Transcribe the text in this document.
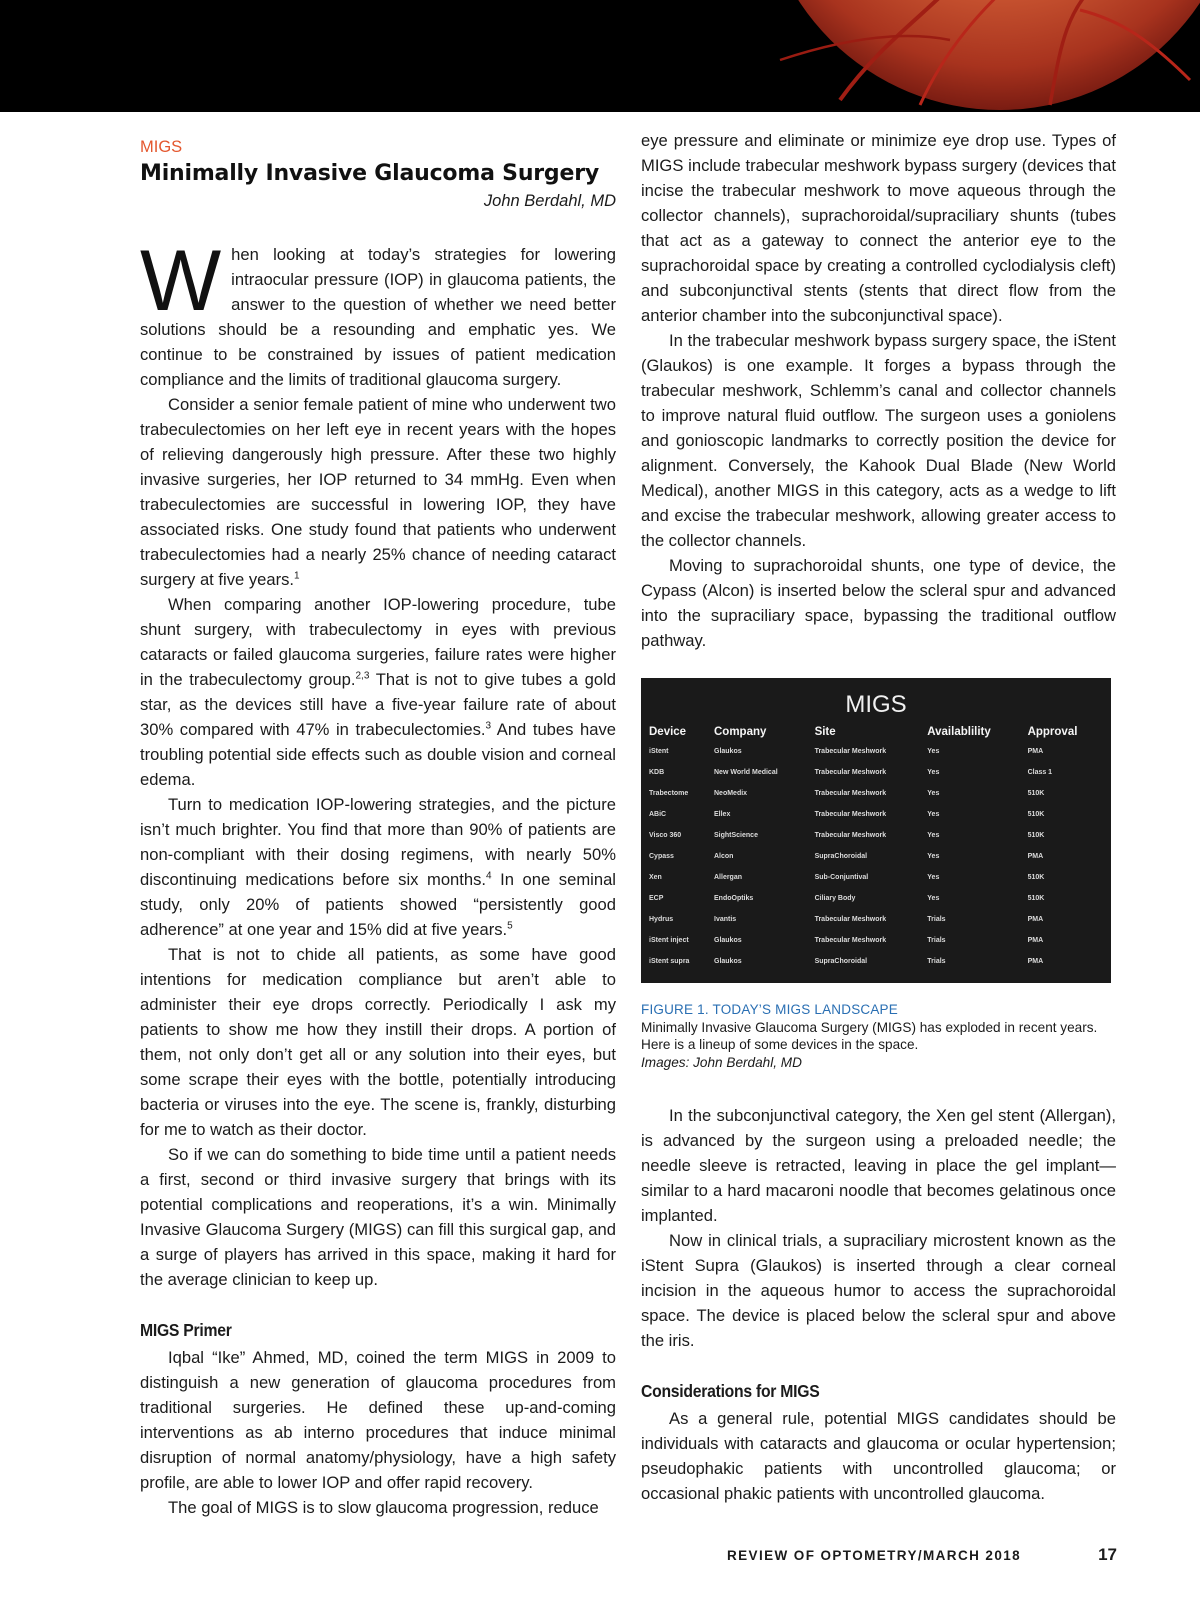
MIGS
Minimally Invasive Glaucoma Surgery
John Berdahl, MD

When looking at today’s strategies for lowering intraocular pressure (IOP) in glaucoma patients, the answer to the question of whether we need better solutions should be a resounding and emphatic yes. We continue to be constrained by issues of patient medication compliance and the limits of traditional glaucoma surgery.

Consider a senior female patient of mine who underwent two trabeculectomies on her left eye in recent years with the hopes of relieving dangerously high pressure. After these two highly invasive surgeries, her IOP returned to 34 mmHg. Even when trabeculectomies are successful in lowering IOP, they have associated risks. One study found that patients who underwent trabeculectomies had a nearly 25% chance of needing cataract surgery at five years.$^1$

When comparing another IOP-lowering procedure, tube shunt surgery, with trabeculectomy in eyes with previous cataracts or failed glaucoma surgeries, failure rates were higher in the trabeculectomy group.$^{2,3}$ That is not to give tubes a gold star, as the devices still have a five-year failure rate of about 30% compared with 47% in trabeculectomies.$^3$ And tubes have troubling potential side effects such as double vision and corneal edema.

Turn to medication IOP-lowering strategies, and the picture isn’t much brighter. You find that more than 90% of patients are non-compliant with their dosing regimens, with nearly 50% discontinuing medications before six months.$^4$ In one seminal study, only 20% of patients showed “persistently good adherence” at one year and 15% did at five years.$^5$

That is not to chide all patients, as some have good intentions for medication compliance but aren’t able to administer their eye drops correctly. Periodically I ask my patients to show me how they instill their drops. A portion of them, not only don’t get all or any solution into their eyes, but some scrape their eyes with the bottle, potentially introducing bacteria or viruses into the eye. The scene is, frankly, disturbing for me to watch as their doctor.

So if we can do something to bide time until a patient needs a first, second or third invasive surgery that brings with its potential complications and reoperations, it’s a win. Minimally Invasive Glaucoma Surgery (MIGS) can fill this surgical gap, and a surge of players has arrived in this space, making it hard for the average clinician to keep up.

MIGS Primer

Iqbal “Ike” Ahmed, MD, coined the term MIGS in 2009 to distinguish a new generation of glaucoma procedures from traditional surgeries. He defined these up-and-coming interventions as ab interno procedures that induce minimal disruption of normal anatomy/physiology, have a high safety profile, are able to lower IOP and offer rapid recovery.

The goal of MIGS is to slow glaucoma progression, reduce

eye pressure and eliminate or minimize eye drop use. Types of MIGS include trabecular meshwork bypass surgery (devices that incise the trabecular meshwork to move aqueous through the collector channels), suprachoroidal/supraciliary shunts (tubes that act as a gateway to connect the anterior eye to the suprachoroidal space by creating a controlled cyclodialysis cleft) and subconjunctival stents (stents that direct flow from the anterior chamber into the subconjunctival space).

In the trabecular meshwork bypass surgery space, the iStent (Glaukos) is one example. It forges a bypass through the trabecular meshwork, Schlemm’s canal and collector channels to improve natural fluid outflow. The surgeon uses a goniolens and gonioscopic landmarks to correctly position the device for alignment. Conversely, the Kahook Dual Blade (New World Medical), another MIGS in this category, acts as a wedge to lift and excise the trabecular meshwork, allowing greater access to the collector channels.

Moving to suprachoroidal shunts, one type of device, the Cypass (Alcon) is inserted below the scleral spur and advanced into the supraciliary space, bypassing the traditional outflow pathway.

MIGS
Device	Company	Site	Availablility	Approval
iStent	Glaukos	Trabecular Meshwork	Yes	PMA
KDB	New World Medical	Trabecular Meshwork	Yes	Class 1
Trabectome	NeoMedix	Trabecular Meshwork	Yes	510K
ABiC	Ellex	Trabecular Meshwork	Yes	510K
Visco 360	SightScience	Trabecular Meshwork	Yes	510K
Cypass	Alcon	SupraChoroidal	Yes	PMA
Xen	Allergan	Sub-Conjuntival	Yes	510K
ECP	EndoOptiks	Ciliary Body	Yes	510K
Hydrus	Ivantis	Trabecular Meshwork	Trials	PMA
iStent inject	Glaukos	Trabecular Meshwork	Trials	PMA
iStent supra	Glaukos	SupraChoroidal	Trials	PMA
FIGURE 1. TODAY’S MIGS LANDSCAPE
Minimally Invasive Glaucoma Surgery (MIGS) has exploded in recent years. Here is a lineup of some devices in the space.
Images: John Berdahl, MD

In the subconjunctival category, the Xen gel stent (Allergan), is advanced by the surgeon using a preloaded needle; the needle sleeve is retracted, leaving in place the gel implant—similar to a hard macaroni noodle that becomes gelatinous once implanted.

Now in clinical trials, a supraciliary microstent known as the iStent Supra (Glaukos) is inserted through a clear corneal incision in the aqueous humor to access the suprachoroidal space. The device is placed below the scleral spur and above the iris.

Considerations for MIGS

As a general rule, potential MIGS candidates should be individuals with cataracts and glaucoma or ocular hypertension; pseudophakic patients with uncontrolled glaucoma; or occasional phakic patients with uncontrolled glaucoma.

REVIEW OF OPTOMETRY/MARCH 2018	17
